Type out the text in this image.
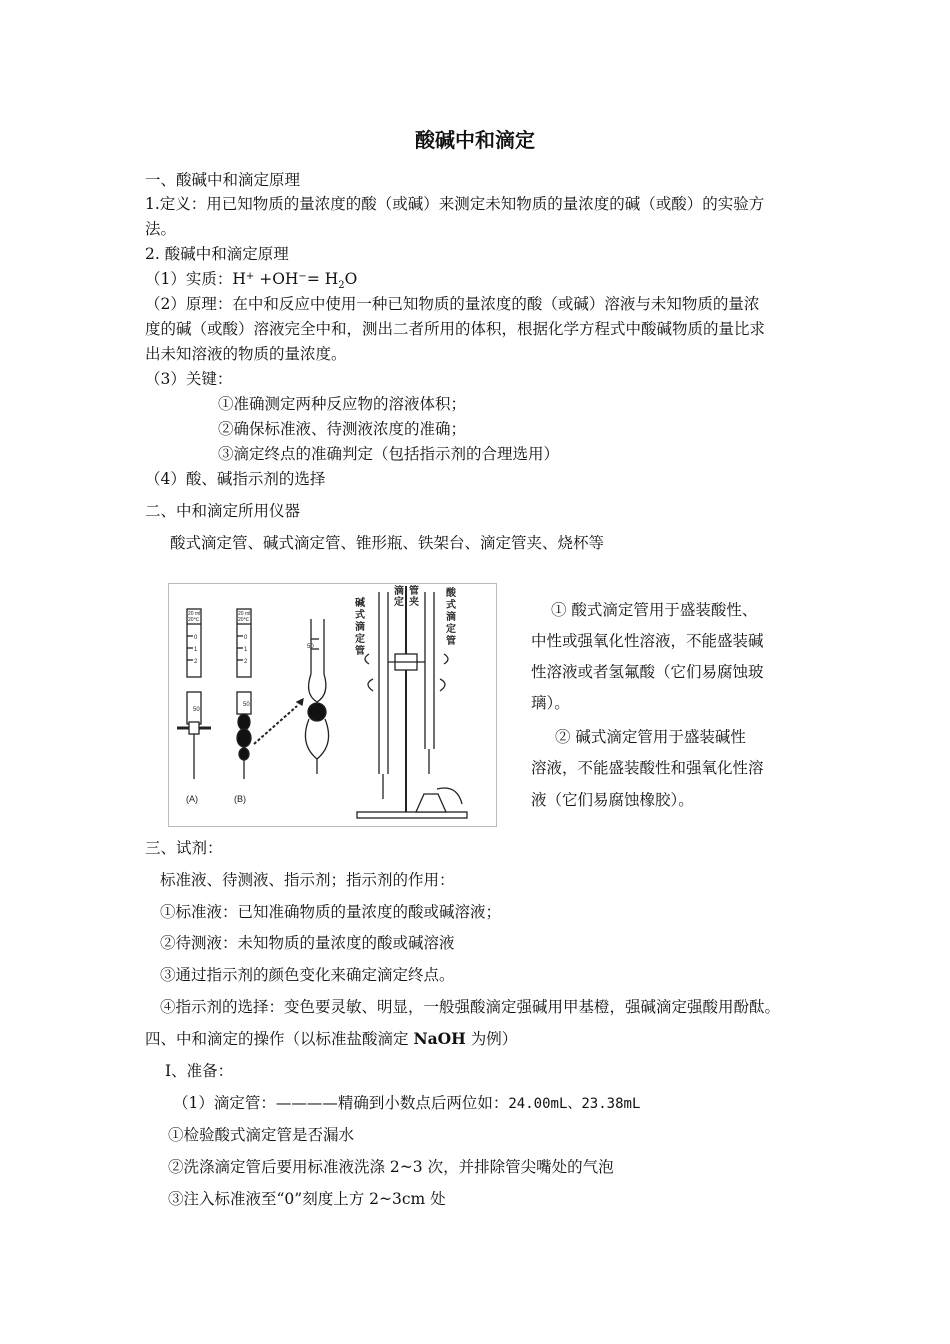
酸碱中和滴定
一、酸碱中和滴定原理
1.定义：用已知物质的量浓度的酸（或碱）来测定未知物质的量浓度的碱（或酸）的实验方
法。
2. 酸碱中和滴定原理
（1）实质：$H^+ +OH^-= H_2O$
（2）原理：在中和反应中使用一种已知物质的量浓度的酸（或碱）溶液与未知物质的量浓
度的碱（或酸）溶液完全中和，测出二者所用的体积，根据化学方程式中酸碱物质的量比求
出未知溶液的物质的量浓度。
（3）关键：
①准确测定两种反应物的溶液体积；
②确保标准液、待测液浓度的准确；
③滴定终点的准确判定（包括指示剂的合理选用）
（4）酸、碱指示剂的选择
二、中和滴定所用仪器
酸式滴定管、碱式滴定管、锥形瓶、铁架台、滴定管夹、烧杯等
20 ml
20℃
0
1
2
50
(A)
20 ml
20℃
0
1
2
50
(B)
50
碱 式 滴 定 管
滴 定 管 夹
酸 式 滴 定 管
① 酸式滴定管用于盛装酸性、
中性或强氧化性溶液，不能盛装碱
性溶液或者氢氟酸（它们易腐蚀玻
璃）。
② 碱式滴定管用于盛装碱性
溶液，不能盛装酸性和强氧化性溶
液（它们易腐蚀橡胶）。
三、试剂：
标准液、待测液、指示剂；指示剂的作用：
①标准液：已知准确物质的量浓度的酸或碱溶液；
②待测液：未知物质的量浓度的酸或碱溶液
③通过指示剂的颜色变化来确定滴定终点。
④指示剂的选择：变色要灵敏、明显，一般强酸滴定强碱用甲基橙，强碱滴定强酸用酚酞。
四、中和滴定的操作（以标准盐酸滴定 NaOH 为例）
Ⅰ、准备：
（1）滴定管：————精确到小数点后两位如：24.00mL、23.38mL
①检验酸式滴定管是否漏水
②洗涤滴定管后要用标准液洗涤 2~3 次，并排除管尖嘴处的气泡
③注入标准液至“0”刻度上方 2~3cm 处
